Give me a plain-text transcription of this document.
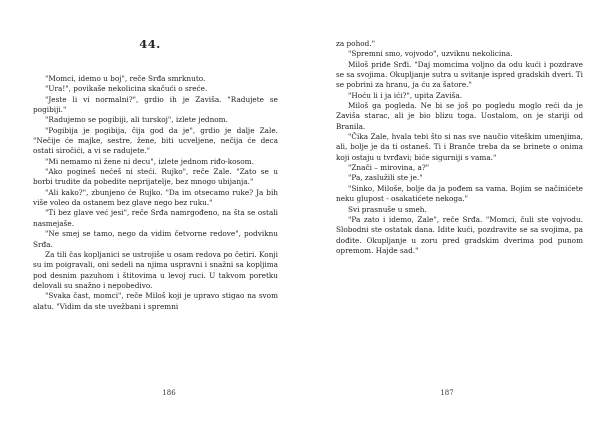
44.

"Momci, idemo u boj", reče Srđa smrknuto.

"Ura!", povikaše nekolicina skačući o sreće.

"Jeste li vi normalni?", grdio ih je Zaviša. "Radujete se pogibiji."

"Radujemo se pogibiji, ali turskoj", izlete jednom.

"Pogibija je pogibija, čija god da je", grdio je dalje Zale. "Nečije će majke, sestre, žene, biti ucveljene, nečija će deca ostati siročići, a vi se radujete."

"Mi nemamo ni žene ni decu", izlete jednom riđo-kosom.

"Ako pogineš nećeš ni steći. Rujko", reče Zale. "Zato se u borbi trudite da pobedite neprijatelje, bez mnogo ubijanja."

"Ali kako?", zbunjeno će Rujko. "Da im otsecamo ruke? Ja bih više voleo da ostanem bez glave nego bez ruku."

"Ti bez glave već jesi", reče Srđa namrgođeno, na šta se ostali nasmejaše.

"Ne smej se tamo, nego da vidim četvorne redove", podviknu Srđa.

Za tili čas kopljanici se ustrojiše u osam redova po četiri. Konji su im poigravali, oni sedeli na njima uspravni i snažni sa kopljima pod desnim pazuhom i štitovima u levoj ruci. U takvom poretku delovali su snažno i nepobedivo.

"Svaka čast, momci", reče Miloš koji je upravo stigao na svom alatu. "Vidim da ste uvežbani i spremni

186

za pohod."

"Spremni smo, vojvodo", uzviknu nekolicina.

Miloš priđe Srđi. "Daj momcima voljno da odu kući i pozdrave se sa svojima. Okupljanje sutra u svitanje ispred gradskih dveri. Ti se pobrini za hranu, ja ću za šatore."

"Hoću li i ja ići?", upita Zaviša.

Miloš ga pogleda. Ne bi se još po pogledu moglo reći da je Zaviša starac, ali je bio blizu toga. Uostalom, on je stariji od Branila.

"Čika Zale, hvala tebi što si nas sve naučio viteškim umenjima, ali, bolje je da ti ostaneš. Ti i Brančе treba da se brinete o onima koji ostaju u tvrđavi; biće sigurniji s vama."

"Znači – mirovina, a?"

"Pa, zaslužili ste je."

"Sinko, Miloše, bolje da ja pođem sa vama. Bojim se načinićete neku glupost - osakatićete nekoga."

Svi prasnuše u smeh.

"Pa zato i idemo, Zale", reče Srđa. "Momci, čuli ste vojvodu. Slobodni ste ostatak dana. Idite kući, pozdravite se sa svojima, pa dođite. Okupljanje u zoru pred gradskim dverima pod punom opremom. Hajde sad."

187
